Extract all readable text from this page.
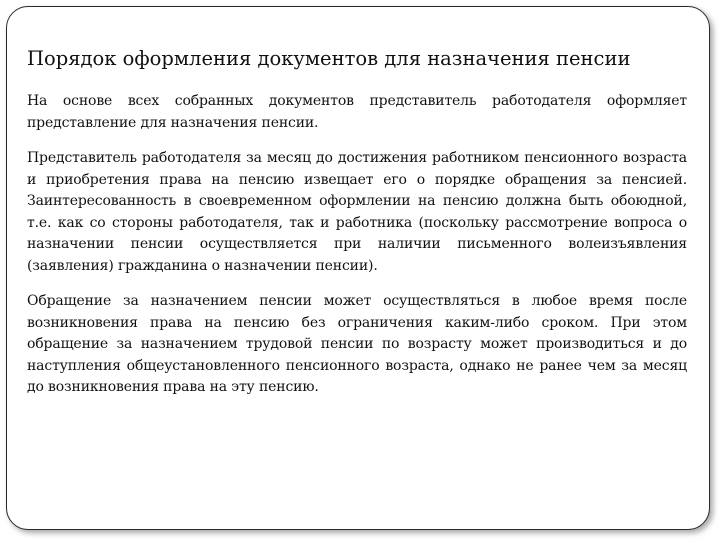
Порядок оформления документов для назначения пенсии

На основе всех собранных документов представитель работодателя оформляет представление для назначения пенсии.

Представитель работодателя за месяц до достижения работником пенсионного возраста и приобретения права на пенсию извещает его о порядке обращения за пенсией. Заинтересованность в своевременном оформлении на пенсию должна быть обоюдной, т.е. как со стороны работодателя, так и работника (поскольку рассмотрение вопроса о назначении пенсии осуществляется при наличии письменного волеизъявления (заявления) гражданина о назначении пенсии).

Обращение за назначением пенсии может осуществляться в любое время после возникновения права на пенсию без ограничения каким-либо сроком. При этом обращение за назначением трудовой пенсии по возрасту может производиться и до наступления общеустановленного пенсионного возраста, однако не ранее чем за месяц до возникновения права на эту пенсию.
